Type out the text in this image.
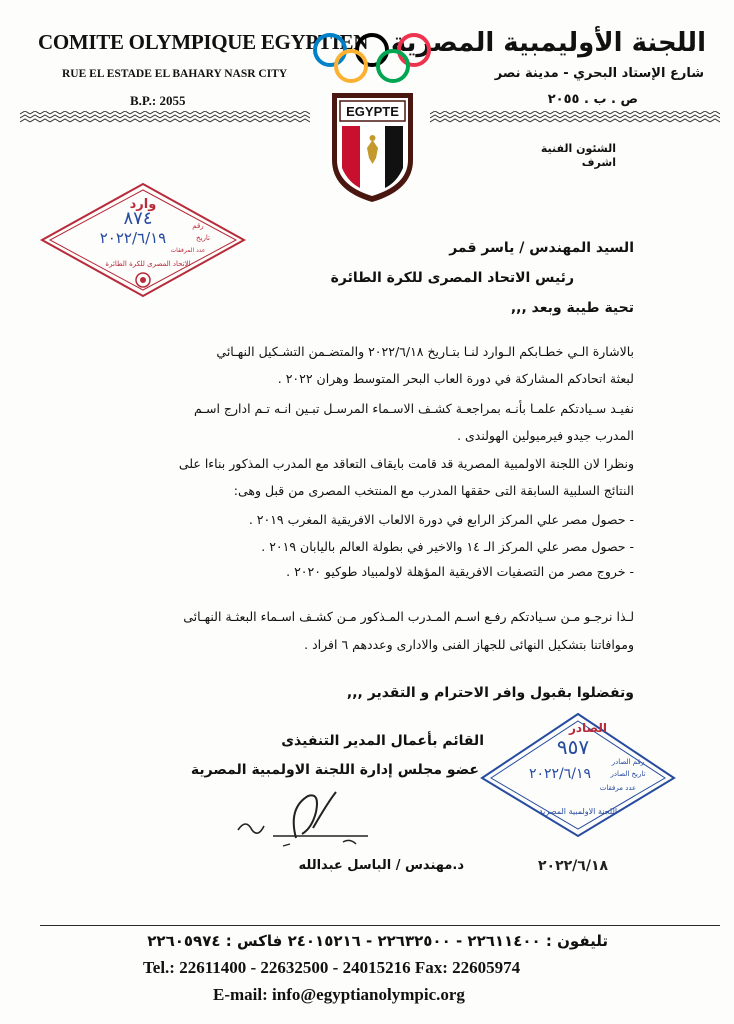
COMITE OLYMPIQUE EGYPTIEN
RUE EL ESTADE EL BAHARY NASR CITY
B.P.: 2055
اللجنة الأوليمبية المصرية
شارع الإستاد البحري - مدينة نصر
ص . ب . ٢٠٥٥
EGYPTE
الشئون الفنية
اشرف
وارد
رقم
٨٧٤
تاريخ
٢٠٢٢/٦/١٩
عدد المرفقات
الاتحاد المصرى للكرة الطائرة
السيد المهندس / ياسر قمر
رئيس الاتحاد المصرى للكرة الطائرة
تحية طيبة وبعد ,,,
بالاشارة الـي خطـابكم الـوارد لنـا بتـاريخ ٢٠٢٢/٦/١٨ والمتضـمن التشـكيل النهـائي
لبعثة اتحادكم المشاركة في دورة العاب البحر المتوسط وهران ٢٠٢٢ .
نفيـد سـيادتكم علمـا بأنـه بمراجعـة كشـف الاسـماء المرسـل تبـين انـه تـم ادارج اسـم
المدرب جيدو فيرميولين الهولندى .
ونظرا لان اللجنة الاولمبية المصرية قد قامت بايقاف التعاقد مع المدرب المذكور بناءا على
النتائج السلبية السابقة التى حققها المدرب مع المنتخب المصرى من قبل وهى:
- حصول مصر علي المركز الرابع في دورة الالعاب الافريقية المغرب ٢٠١٩ .
- حصول مصر علي المركز الـ ١٤ والاخير في بطولة العالم باليابان ٢٠١٩ .
- خروج مصر من التصفيات الافريقية المؤهلة لاولمبياد طوكيو ٢٠٢٠ .
لـذا نرجـو مـن سـيادتكم رفـع اسـم المـدرب المـذكور مـن كشـف اسـماء البعثـة النهـائى
وموافاتنا بتشكيل النهائى للجهاز الفنى والادارى وعددهم ٦ افراد .
وتفضلوا بقبول وافر الاحترام و التقدير ,,,
القائم بأعمال المدير التنفيذى
عضو مجلس إدارة اللجنة الاولمبية المصرية
د.مهندس / الباسل عبدالله
الصادر
٩٥٧
رقم الصادر
تاريخ الصادر
٢٠٢٢/٦/١٩
عدد مرفقات
اللجنة الاولمبية المصرية
٢٠٢٢/٦/١٨
تليفون : ٢٢٦١١٤٠٠ - ٢٢٦٣٢٥٠٠ - ٢٤٠١٥٢١٦ فاكس : ٢٢٦٠٥٩٧٤
Tel.: 22611400 - 22632500 - 24015216 Fax: 22605974
E-mail: info@egyptianolympic.org
